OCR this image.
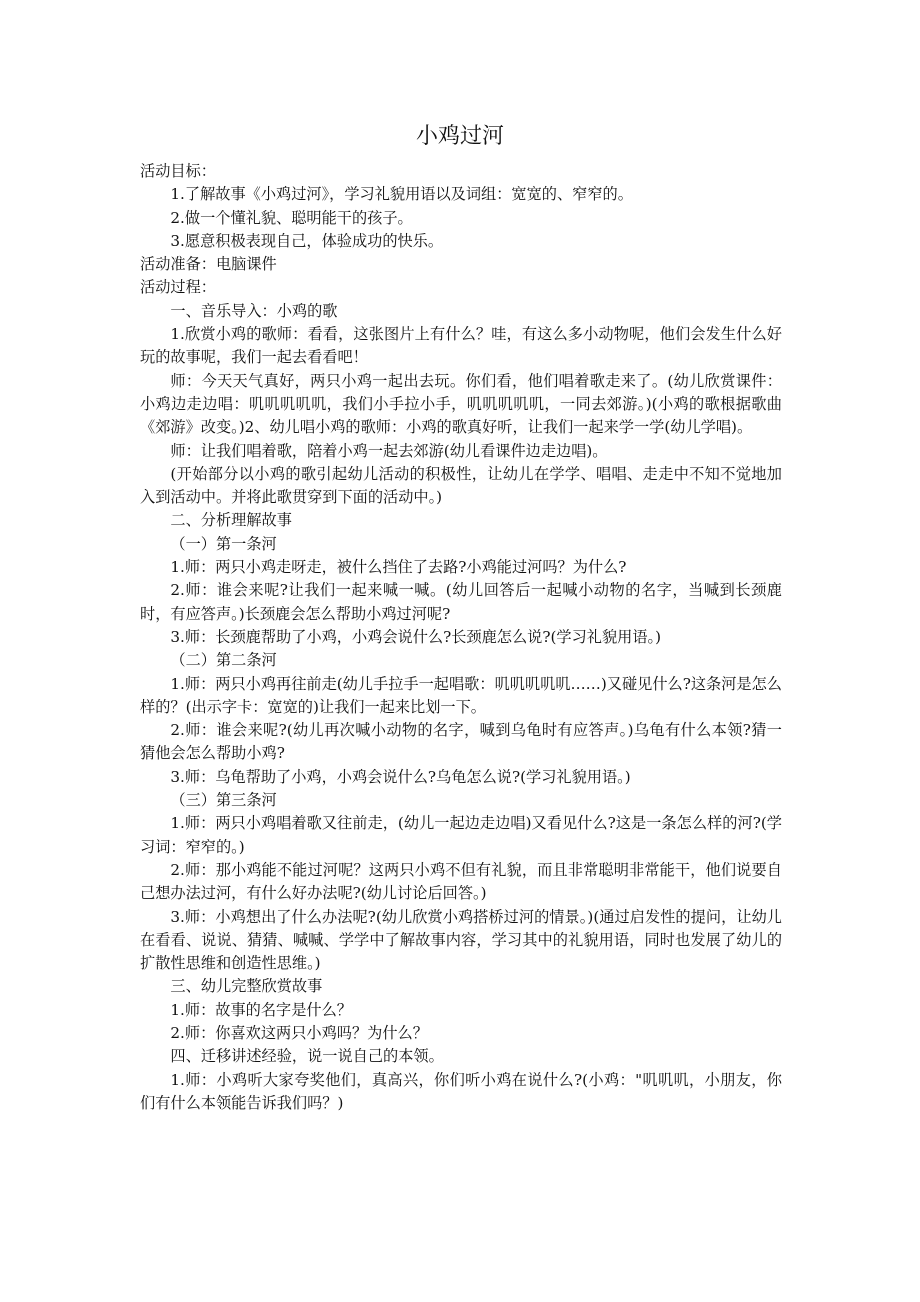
小鸡过河

活动目标：

1.了解故事《小鸡过河》，学习礼貌用语以及词组：宽宽的、窄窄的。

2.做一个懂礼貌、聪明能干的孩子。

3.愿意积极表现自己，体验成功的快乐。

活动准备：电脑课件

活动过程：

一、音乐导入：小鸡的歌

1.欣赏小鸡的歌师：看看，这张图片上有什么？哇，有这么多小动物呢，他们会发生什么好玩的故事呢，我们一起去看看吧！

师：今天天气真好，两只小鸡一起出去玩。你们看，他们唱着歌走来了。(幼儿欣赏课件：小鸡边走边唱：叽叽叽叽叽，我们小手拉小手，叽叽叽叽叽，一同去郊游。)(小鸡的歌根据歌曲《郊游》改变。)2、幼儿唱小鸡的歌师：小鸡的歌真好听，让我们一起来学一学(幼儿学唱)。

师：让我们唱着歌，陪着小鸡一起去郊游(幼儿看课件边走边唱)。

(开始部分以小鸡的歌引起幼儿活动的积极性，让幼儿在学学、唱唱、走走中不知不觉地加入到活动中。并将此歌贯穿到下面的活动中。)

二、分析理解故事

（一）第一条河

1.师：两只小鸡走呀走，被什么挡住了去路?小鸡能过河吗？为什么?

2.师：谁会来呢?让我们一起来喊一喊。(幼儿回答后一起喊小动物的名字，当喊到长颈鹿时，有应答声。)长颈鹿会怎么帮助小鸡过河呢?

3.师：长颈鹿帮助了小鸡，小鸡会说什么?长颈鹿怎么说?(学习礼貌用语。)

（二）第二条河

1.师：两只小鸡再往前走(幼儿手拉手一起唱歌：叽叽叽叽叽……)又碰见什么?这条河是怎么样的？(出示字卡：宽宽的)让我们一起来比划一下。

2.师：谁会来呢?(幼儿再次喊小动物的名字，喊到乌龟时有应答声。)乌龟有什么本领?猜一猜他会怎么帮助小鸡?

3.师：乌龟帮助了小鸡，小鸡会说什么?乌龟怎么说?(学习礼貌用语。)

（三）第三条河

1.师：两只小鸡唱着歌又往前走，(幼儿一起边走边唱)又看见什么?这是一条怎么样的河?(学习词：窄窄的。)

2.师：那小鸡能不能过河呢？这两只小鸡不但有礼貌，而且非常聪明非常能干，他们说要自己想办法过河，有什么好办法呢?(幼儿讨论后回答。)

3.师：小鸡想出了什么办法呢?(幼儿欣赏小鸡搭桥过河的情景。)(通过启发性的提问，让幼儿在看看、说说、猜猜、喊喊、学学中了解故事内容，学习其中的礼貌用语，同时也发展了幼儿的扩散性思维和创造性思维。)

三、幼儿完整欣赏故事

1.师：故事的名字是什么？

2.师：你喜欢这两只小鸡吗？为什么？

四、迁移讲述经验，说一说自己的本领。

1.师：小鸡听大家夸奖他们，真高兴，你们听小鸡在说什么?(小鸡："叽叽叽，小朋友，你们有什么本领能告诉我们吗？)
